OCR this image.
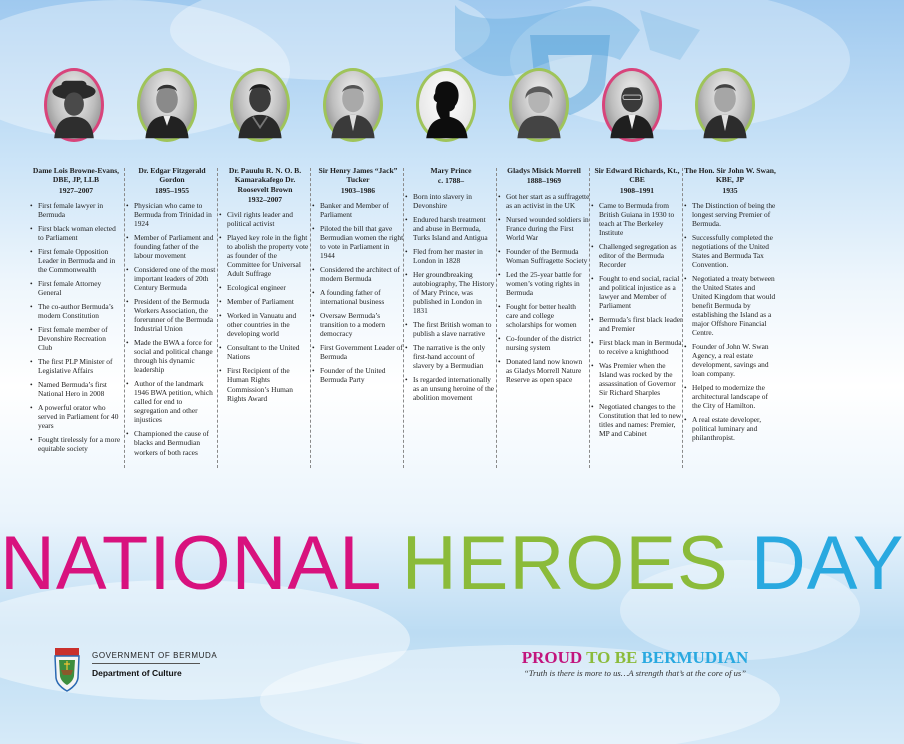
Dame Lois Browne-Evans, DBE, JP, LLB
1927–2007
• First female lawyer in Bermuda
• First black woman elected to Parliament
• First female Opposition Leader in Bermuda and in the Commonwealth
• First female Attorney General
• The co-author Bermuda’s modern Constitution
• First female member of Devonshire Recreation Club
• The first PLP Minister of Legislative Affairs
• Named Bermuda’s first National Hero in 2008
• A powerful orator who served in Parliament for 40 years
• Fought tirelessly for a more equitable society
Dr. Edgar Fitzgerald Gordon
1895–1955
• Physician who came to Bermuda from Trinidad in 1924
• Member of Parliament and founding father of the labour movement
• Considered one of the most important leaders of 20th Century Bermuda
• President of the Bermuda Workers Association, the forerunner of the Bermuda Industrial Union
• Made the BWA a force for social and political change through his dynamic leadership
• Author of the landmark 1946 BWA petition, which called for end to segregation and other injustices
• Championed the cause of blacks and Bermudian workers of both races
Dr. Pauulu R. N. O. B. Kamarakafego Dr. Roosevelt Brown
1932–2007
• Civil rights leader and political activist
• Played key role in the fight to abolish the property vote as founder of the Committee for Universal Adult Suffrage
• Ecological engineer
• Member of Parliament
• Worked in Vanuatu and other countries in the developing world
• Consultant to the United Nations
• First Recipient of the Human Rights Commission’s Human Rights Award
Sir Henry James “Jack” Tucker
1903–1986
• Banker and Member of Parliament
• Piloted the bill that gave Bermudian women the right to vote in Parliament in 1944
• Considered the architect of modern Bermuda
• A founding father of international business
• Oversaw Bermuda’s transition to a modern democracy
• First Government Leader of Bermuda
• Founder of the United Bermuda Party
Mary Prince
c. 1788–
• Born into slavery in Devonshire
• Endured harsh treatment and abuse in Bermuda, Turks Island and Antigua
• Fled from her master in London in 1828
• Her groundbreaking autobiography, The History of Mary Prince, was published in London in 1831
• The first British woman to publish a slave narrative
• The narrative is the only first-hand account of slavery by a Bermudian
• Is regarded internationally as an unsung heroine of the abolition movement
Gladys Misick Morrell
1888–1969
• Got her start as a suffragette as an activist in the UK
• Nursed wounded soldiers in France during the First World War
• Founder of the Bermuda Woman Suffragette Society
• Led the 25-year battle for women’s voting rights in Bermuda
• Fought for better health care and college scholarships for women
• Co-founder of the district nursing system
• Donated land now known as Gladys Morrell Nature Reserve as open space
Sir Edward Richards, Kt., CBE
1908–1991
• Came to Bermuda from British Guiana in 1930 to teach at The Berkeley Institute
• Challenged segregation as editor of the Bermuda Recorder
• Fought to end social, racial and political injustice as a lawyer and Member of Parliament
• Bermuda’s first black leader and Premier
• First black man in Bermuda to receive a knighthood
• Was Premier when the Island was rocked by the assassination of Governor Sir Richard Sharples
• Negotiated changes to the Constitution that led to new titles and names: Premier, MP and Cabinet
The Hon. Sir John W. Swan, KBE, JP
1935
• The Distinction of being the longest serving Premier of Bermuda.
• Successfully completed the negotiations of the United States and Bermuda Tax Convention.
• Negotiated a treaty between the United States and United Kingdom that would benefit Bermuda by establishing the Island as a major Offshore Financial Centre.
• Founder of John W. Swan Agency, a real estate development, savings and loan company.
• Helped to modernize the architectural landscape of the City of Hamilton.
• A real estate developer, political luminary and philanthropist.
NATIONAL HEROES DAY
GOVERNMENT OF BERMUDA
Department of Culture
PROUD TO BE BERMUDIAN
“Truth is there is more to us…A strength that’s at the core of us”
